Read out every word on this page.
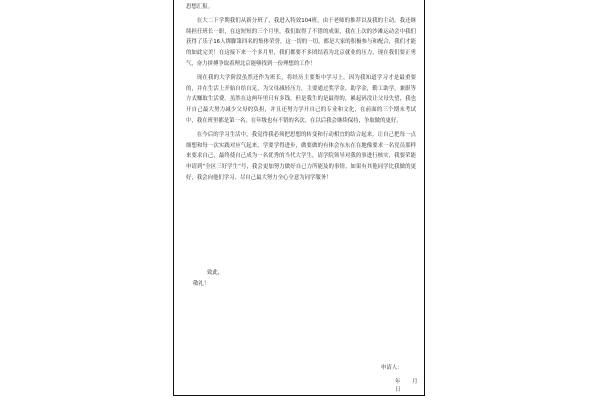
思想汇报。

在大二下学期我们从新分班了，我进入特效104班，由于老师的推荐以及我的主动，我还继续担任班长一职，在这短短的三个月里，我们取得了不错的成果，我在上次的沙滩运动会中我们获得了乐子16人绑脚第四名的集体荣誉，这一切的一切，都是大家的积极参与和配合，我们才能的如此完美！在这接下来一个多月里，我们都要不多团结着为北京就业的压力，现在我们要正勇气，奋力拼搏争取着理北京能够找到一份理想的工作！

现在我的大学阶段虽然还作为班长，将经历主要集中学习上，因为我知道学习才是最重要的，并在生活上开始自给自足，为父母减轻压力，主要通过奖学金，助学金，勤工助学，兼职等方式赚取生活费。虽然在这两年里只有多钱，但是我生的是最得的，累起码没让父母失望，我也开自己最大努力减少父母的负担，并且还努力学开自己的专业和文化，在前面的三个期末考试中，我在班里都是第一名，在年级也有不错的名次。在以后我会继续保持，争取做的更好。

在今后的学习生活中，我觉得我必须把思想的转变和行动相宜的结合起来，让自己把每一点细想和每一次实践对应气起来，学要学得进步，做要做的有体会东东在在地像要求一名党员那样来要求自己，最终使自己成为一名优秀的当代大学生，请学院领导对我的事进行核实，我要荣能申请到“全区三好学生”号，我会更加努力做好自己力所能及的事情。如果有其他同学比我做的更好，我会向他们学习，尽自己最大努力全心全意为同学服务！

致此，
敬礼！
申请人：
年 月 日
